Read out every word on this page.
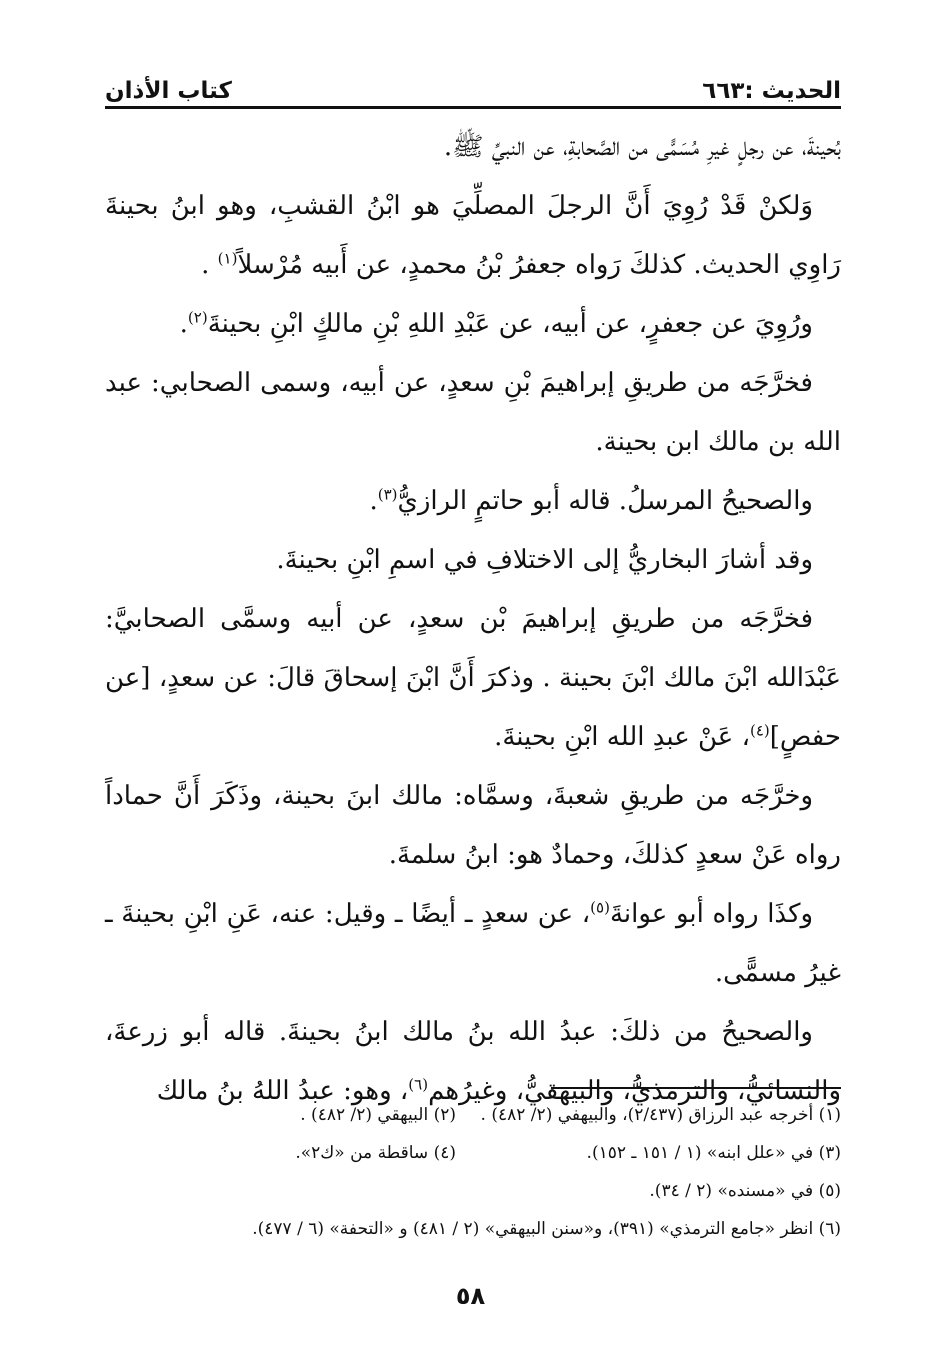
الحديث :٦٦٣
كتاب الأذان

بُحينةَ، عن رجلٍ غيرِ مُسَمًّى من الصَّحابةِ، عن النبيِّ ﷺ.

وَلكنْ قَدْ رُوِيَ أَنَّ الرجلَ المصلِّيَ هو ابْنُ القشبِ، وهو ابنُ بحينةَ رَاوِي الحديث. كذلكَ رَواه جعفرُ بْنُ محمدٍ، عن أَبيه مُرْسلاً$^{(١)}$ .

ورُوِيَ عن جعفرٍ، عن أبيه، عن عَبْدِ اللهِ بْنِ مالكٍ ابْنِ بحينةَ$^{(٢)}$.

فخرَّجَه من طريقِ إبراهيمَ بْنِ سعدٍ، عن أبيه، وسمى الصحابي: عبد الله بن مالك ابن بحينة.

والصحيحُ المرسلُ. قاله أبو حاتمٍ الرازيُّ$^{(٣)}$.

وقد أشارَ البخاريُّ إلى الاختلافِ في اسمِ ابْنِ بحينةَ.

فخرَّجَه من طريقِ إبراهيمَ بْن سعدٍ، عن أبيه وسمَّى الصحابيَّ: عَبْدَالله ابْنَ مالك ابْنَ بحينة . وذكرَ أَنَّ ابْنَ إسحاقَ قالَ: عن سعدٍ، [عن حفصٍ]$^{(٤)}$، عَنْ عبدِ الله ابْنِ بحينةَ.

وخرَّجَه من طريقِ شعبةَ، وسمَّاه: مالك ابنَ بحينة، وذَكَرَ أَنَّ حماداً رواه عَنْ سعدٍ كذلكَ، وحمادٌ هو: ابنُ سلمةَ.

وكذَا رواه أبو عوانةَ$^{(٥)}$، عن سعدٍ ـ أيضًا ـ وقيل: عنه، عَنِ ابْنِ بحينةَ ـ غيرُ مسمًّى.

والصحيحُ من ذلكَ: عبدُ الله بنُ مالك ابنُ بحينةَ. قاله أبو زرعةَ، والنسائيُّ، والترمذيُّ، والبيهقيُّ، وغيرُهم$^{(٦)}$، وهو: عبدُ اللهُ بنُ مالك

(١) أخرجه عبد الرزاق (٢/٤٣٧)، والبيهفي (٢/ ٤٨٢) .
(٢) البيهقي (٢/ ٤٨٢) .
(٣) في «علل ابنه» (١ / ١٥١ ـ ١٥٢).
(٤) ساقطة من «ك٢».
(٥) في «مسنده» (٢ / ٣٤).
(٦) انظر «جامع الترمذي» (٣٩١)، و«سنن البيهقي» (٢ / ٤٨١) و «التحفة» (٦ / ٤٧٧).
٥٨
